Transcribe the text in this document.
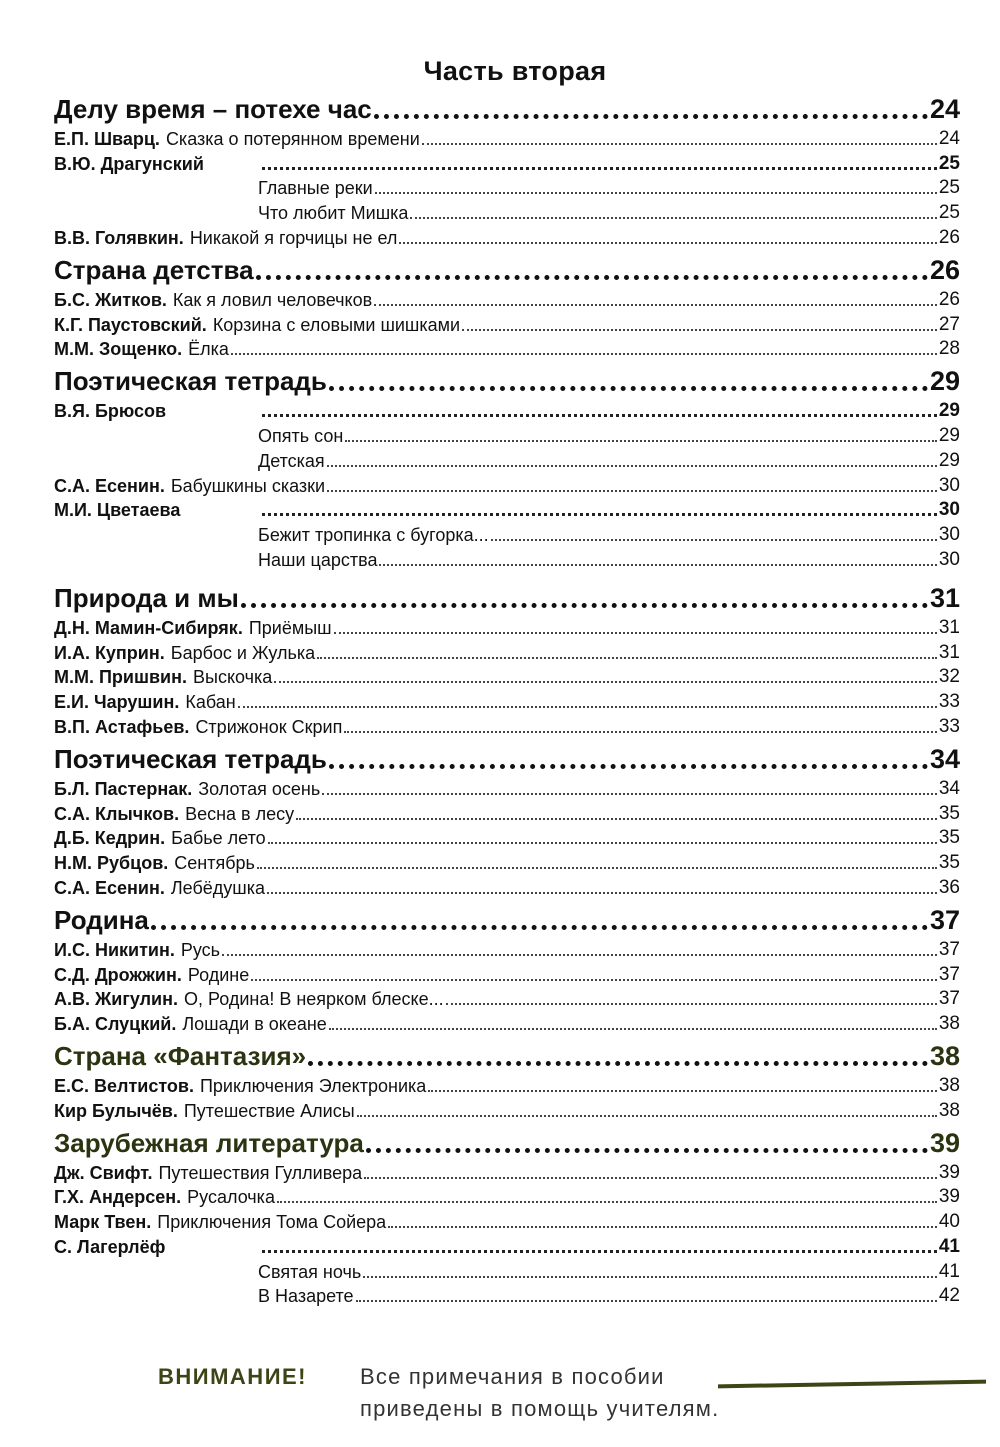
Часть вторая
Делу время – потехе час	24
Е.П. Шварц. Сказка о потерянном времени	24
В.Ю. Драгунский	25
Главные реки	25
Что любит Мишка	25
В.В. Голявкин. Никакой я горчицы не ел	26
Страна детства	26
Б.С. Житков. Как я ловил человечков	26
К.Г. Паустовский. Корзина с еловыми шишками	27
М.М. Зощенко. Ёлка	28
Поэтическая тетрадь	29
В.Я. Брюсов	29
Опять сон	29
Детская	29
С.А. Есенин. Бабушкины сказки	30
М.И. Цветаева	30
Бежит тропинка с бугорка...	30
Наши царства	30
Природа и мы	31
Д.Н. Мамин-Сибиряк. Приёмыш	31
И.А. Куприн. Барбос и Жулька	31
М.М. Пришвин. Выскочка	32
Е.И. Чарушин. Кабан	33
В.П. Астафьев. Стрижонок Скрип	33
Поэтическая тетрадь	34
Б.Л. Пастернак. Золотая осень	34
С.А. Клычков. Весна в лесу	35
Д.Б. Кедрин. Бабье лето	35
Н.М. Рубцов. Сентябрь	35
С.А. Есенин. Лебёдушка	36
Родина	37
И.С. Никитин. Русь	37
С.Д. Дрожжин. Родине	37
А.В. Жигулин. О, Родина! В неярком блеске...	37
Б.А. Слуцкий. Лошади в океане	38
Страна «Фантазия»	38
Е.С. Велтистов. Приключения Электроника	38
Кир Булычёв. Путешествие Алисы	38
Зарубежная литература	39
Дж. Свифт. Путешествия Гулливера	39
Г.Х. Андерсен. Русалочка	39
Марк Твен. Приключения Тома Сойера	40
С. Лагерлёф	41
Святая ночь	41
В Назарете	42
ВНИМАНИЕ! Все примечания в пособии
приведены в помощь учителям.
